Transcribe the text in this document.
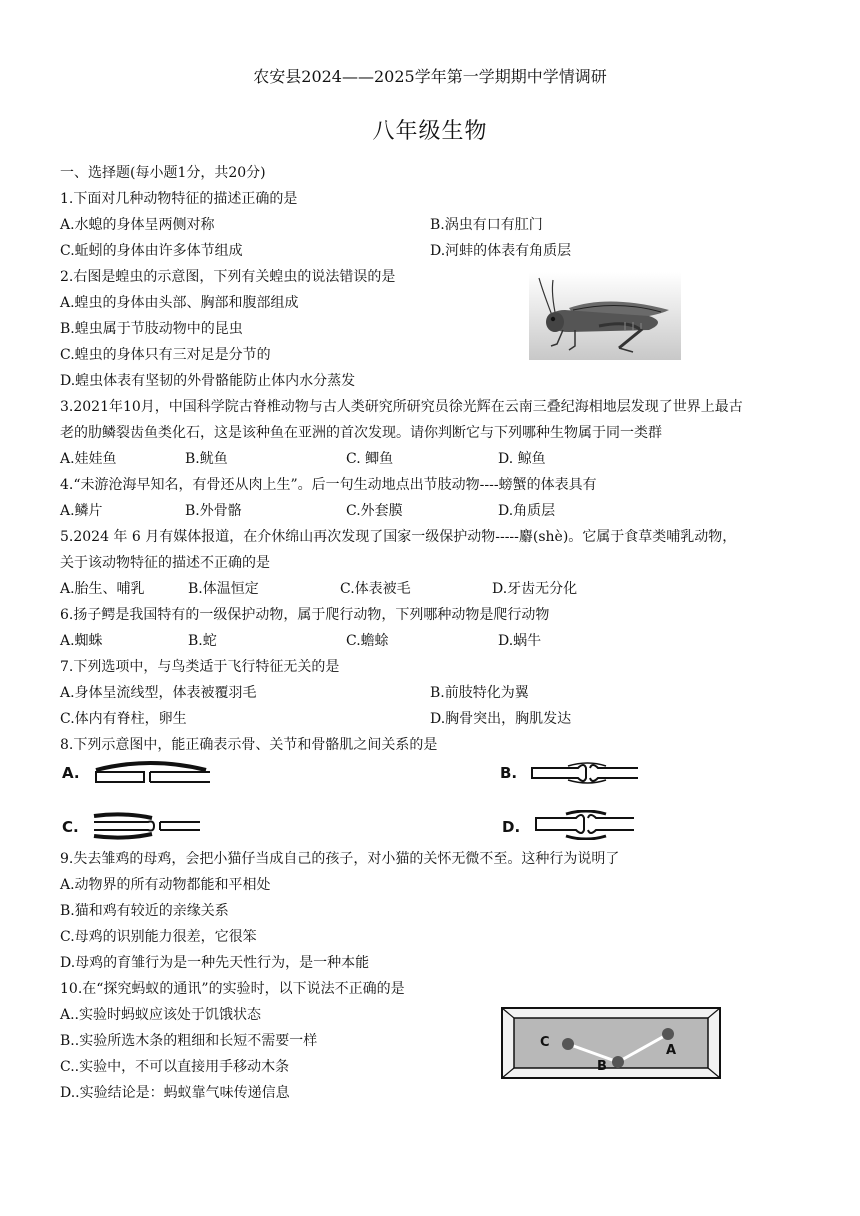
农安县2024——2025学年第一学期期中学情调研
八年级生物
一、选择题(每小题1分，共20分)
1.下面对几种动物特征的描述正确的是
A.水螅的身体呈两侧对称	B.涡虫有口有肛门
C.蚯蚓的身体由许多体节组成	D.河蚌的体表有角质层
2.右图是蝗虫的示意图，下列有关蝗虫的说法错误的是
A.蝗虫的身体由头部、胸部和腹部组成
B.蝗虫属于节肢动物中的昆虫
C.蝗虫的身体只有三对足是分节的
D.蝗虫体表有坚韧的外骨骼能防止体内水分蒸发
3.2021年10月，中国科学院古脊椎动物与古人类研究所研究员徐光辉在云南三叠纪海相地层发现了世界上最古
老的肋鳞裂齿鱼类化石，这是该种鱼在亚洲的首次发现。请你判断它与下列哪种生物属于同一类群
A.娃娃鱼	B.鱿鱼	C. 鲫鱼	D. 鲸鱼
4.“未游沧海早知名，有骨还从肉上生”。后一句生动地点出节肢动物----螃蟹的体表具有
A.鳞片	B.外骨骼	C.外套膜	D.角质层
5.2024 年 6 月有媒体报道，在介休绵山再次发现了国家一级保护动物-----麝(shè)。它属于食草类哺乳动物，
关于该动物特征的描述不正确的是
A.胎生、哺乳	B.体温恒定	C.体表被毛	D.牙齿无分化
6.扬子鳄是我国特有的一级保护动物，属于爬行动物，下列哪种动物是爬行动物
A.蜘蛛	B.蛇	C.蟾蜍	D.蜗牛
7.下列选项中，与鸟类适于飞行特征无关的是
A.身体呈流线型，体表被覆羽毛	B.前肢特化为翼
C.体内有脊柱，卵生	D.胸骨突出，胸肌发达
8.下列示意图中，能正确表示骨、关节和骨骼肌之间关系的是
A.	B.
C.	D.
9.失去雏鸡的母鸡，会把小猫仔当成自己的孩子，对小猫的关怀无微不至。这种行为说明了
A.动物界的所有动物都能和平相处
B.猫和鸡有较近的亲缘关系
C.母鸡的识别能力很差，它很笨
D.母鸡的育雏行为是一种先天性行为，是一种本能
10.在“探究蚂蚁的通讯”的实验时，以下说法不正确的是
A..实验时蚂蚁应该处于饥饿状态
B..实验所选木条的粗细和长短不需要一样
C..实验中，不可以直接用手移动木条
D..实验结论是：蚂蚁靠气味传递信息
C
B
A
